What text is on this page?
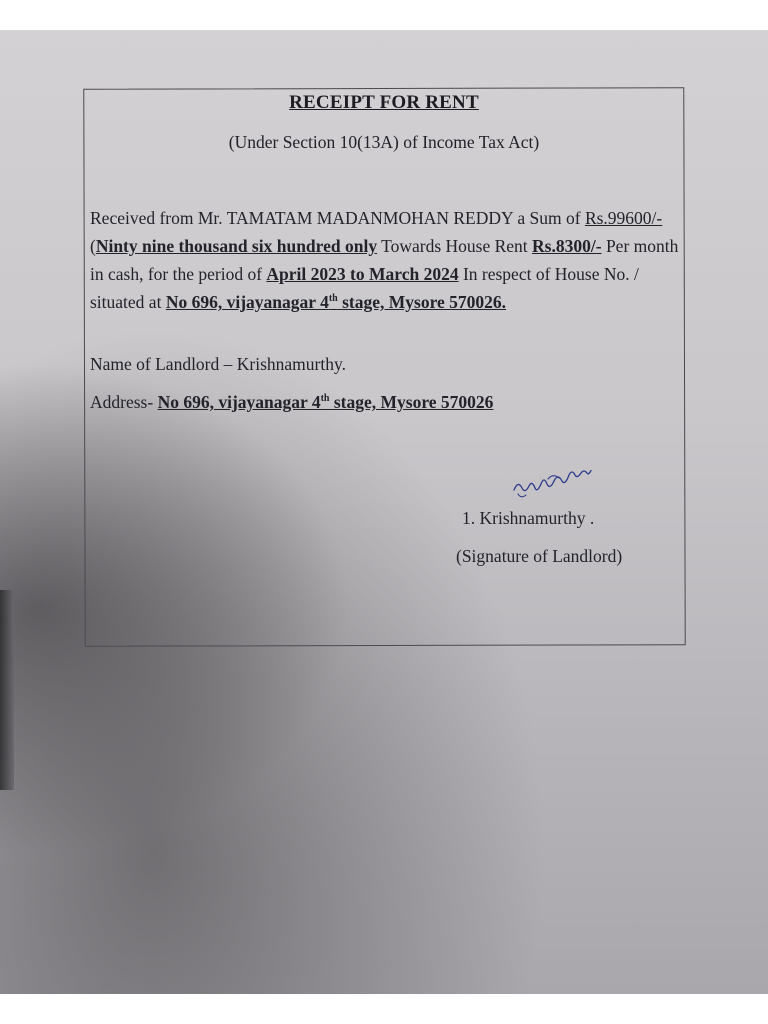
RECEIPT FOR RENT
(Under Section 10(13A) of Income Tax Act)
Received from Mr. TAMATAM MADANMOHAN REDDY a Sum of Rs.99600/- (Ninty nine thousand six hundred only Towards House Rent Rs.8300/- Per month in cash, for the period of April 2023 to March 2024 In respect of House No. / situated at No 696, vijayanagar 4th stage, Mysore 570026.
Name of Landlord – Krishnamurthy.
Address- No 696, vijayanagar 4th stage, Mysore 570026
1. Krishnamurthy .
(Signature of Landlord)
